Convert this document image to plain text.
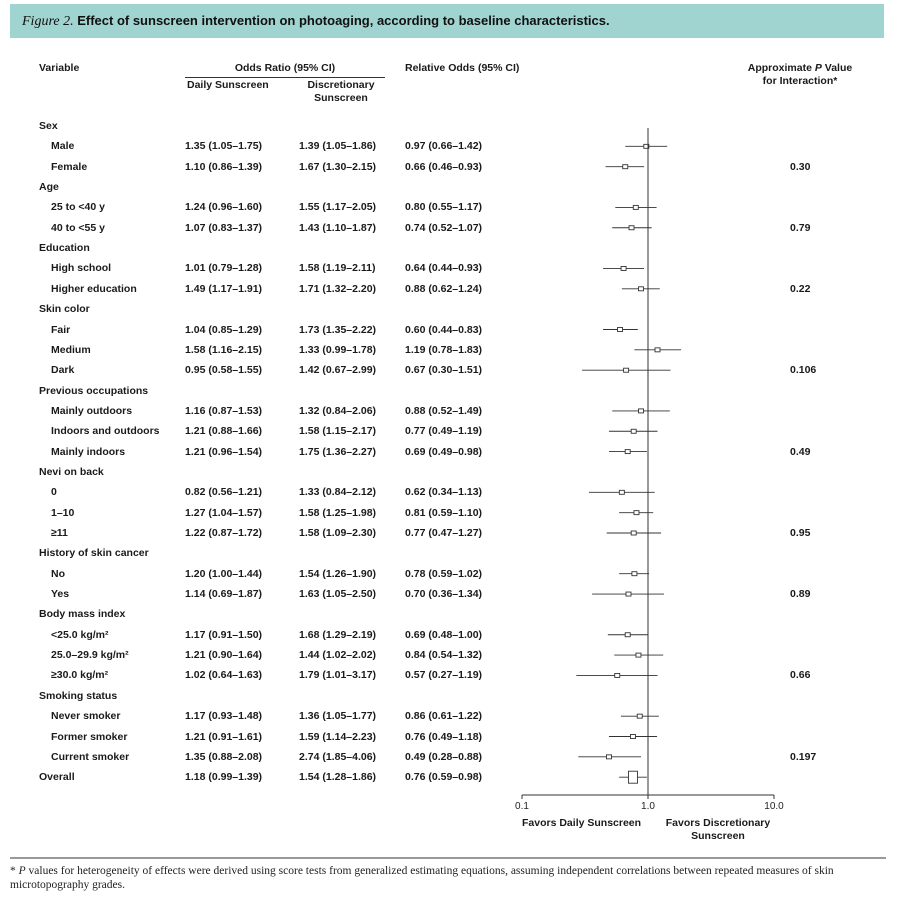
Figure 2. Effect of sunscreen intervention on photoaging, according to baseline characteristics.
Variable	Odds Ratio (95% CI)
Daily Sunscreen	Discretionary
Sunscreen
Relative Odds (95% CI)	Approximate P Value
for Interaction*
Sex
Male	1.35 (1.05–1.75)	1.39 (1.05–1.86)	0.97 (0.66–1.42)
Female	1.10 (0.86–1.39)	1.67 (1.30–2.15)	0.66 (0.46–0.93)	0.30
Age
25 to <40 y	1.24 (0.96–1.60)	1.55 (1.17–2.05)	0.80 (0.55–1.17)
40 to <55 y	1.07 (0.83–1.37)	1.43 (1.10–1.87)	0.74 (0.52–1.07)	0.79
Education
High school	1.01 (0.79–1.28)	1.58 (1.19–2.11)	0.64 (0.44–0.93)
Higher education	1.49 (1.17–1.91)	1.71 (1.32–2.20)	0.88 (0.62–1.24)	0.22
Skin color
Fair	1.04 (0.85–1.29)	1.73 (1.35–2.22)	0.60 (0.44–0.83)
Medium	1.58 (1.16–2.15)	1.33 (0.99–1.78)	1.19 (0.78–1.83)
Dark	0.95 (0.58–1.55)	1.42 (0.67–2.99)	0.67 (0.30–1.51)	0.106
Previous occupations
Mainly outdoors	1.16 (0.87–1.53)	1.32 (0.84–2.06)	0.88 (0.52–1.49)
Indoors and outdoors 1.21 (0.88–1.66)	1.58 (1.15–2.17)	0.77 (0.49–1.19)
Mainly indoors	1.21 (0.96–1.54)	1.75 (1.36–2.27)	0.69 (0.49–0.98)	0.49
Nevi on back
0	0.82 (0.56–1.21)	1.33 (0.84–2.12)	0.62 (0.34–1.13)
1–10	1.27 (1.04–1.57)	1.58 (1.25–1.98)	0.81 (0.59–1.10)
≥11	1.22 (0.87–1.72)	1.58 (1.09–2.30)	0.77 (0.47–1.27)	0.95
History of skin cancer
No	1.20 (1.00–1.44)	1.54 (1.26–1.90)	0.78 (0.59–1.02)
Yes	1.14 (0.69–1.87)	1.63 (1.05–2.50)	0.70 (0.36–1.34)	0.89
Body mass index
<25.0 kg/m²	1.17 (0.91–1.50)	1.68 (1.29–2.19)	0.69 (0.48–1.00)
25.0–29.9 kg/m²	1.21 (0.90–1.64)	1.44 (1.02–2.02)	0.84 (0.54–1.32)
≥30.0 kg/m²	1.02 (0.64–1.63)	1.79 (1.01–3.17)	0.57 (0.27–1.19)	0.66
Smoking status
Never smoker	1.17 (0.93–1.48)	1.36 (1.05–1.77)	0.86 (0.61–1.22)
Former smoker	1.21 (0.91–1.61)	1.59 (1.14–2.23)	0.76 (0.49–1.18)
Current smoker	1.35 (0.88–2.08)	2.74 (1.85–4.06)	0.49 (0.28–0.88)	0.197
Overall	1.18 (0.99–1.39)	1.54 (1.28–1.86)	0.76 (0.59–0.98)
0.1	1.0	10.0
Favors Daily Sunscreen	Favors Discretionary
Sunscreen
* P values for heterogeneity of effects were derived using score tests from generalized estimating equations, assuming independent correlations between repeated measures of skin microtopography grades.
